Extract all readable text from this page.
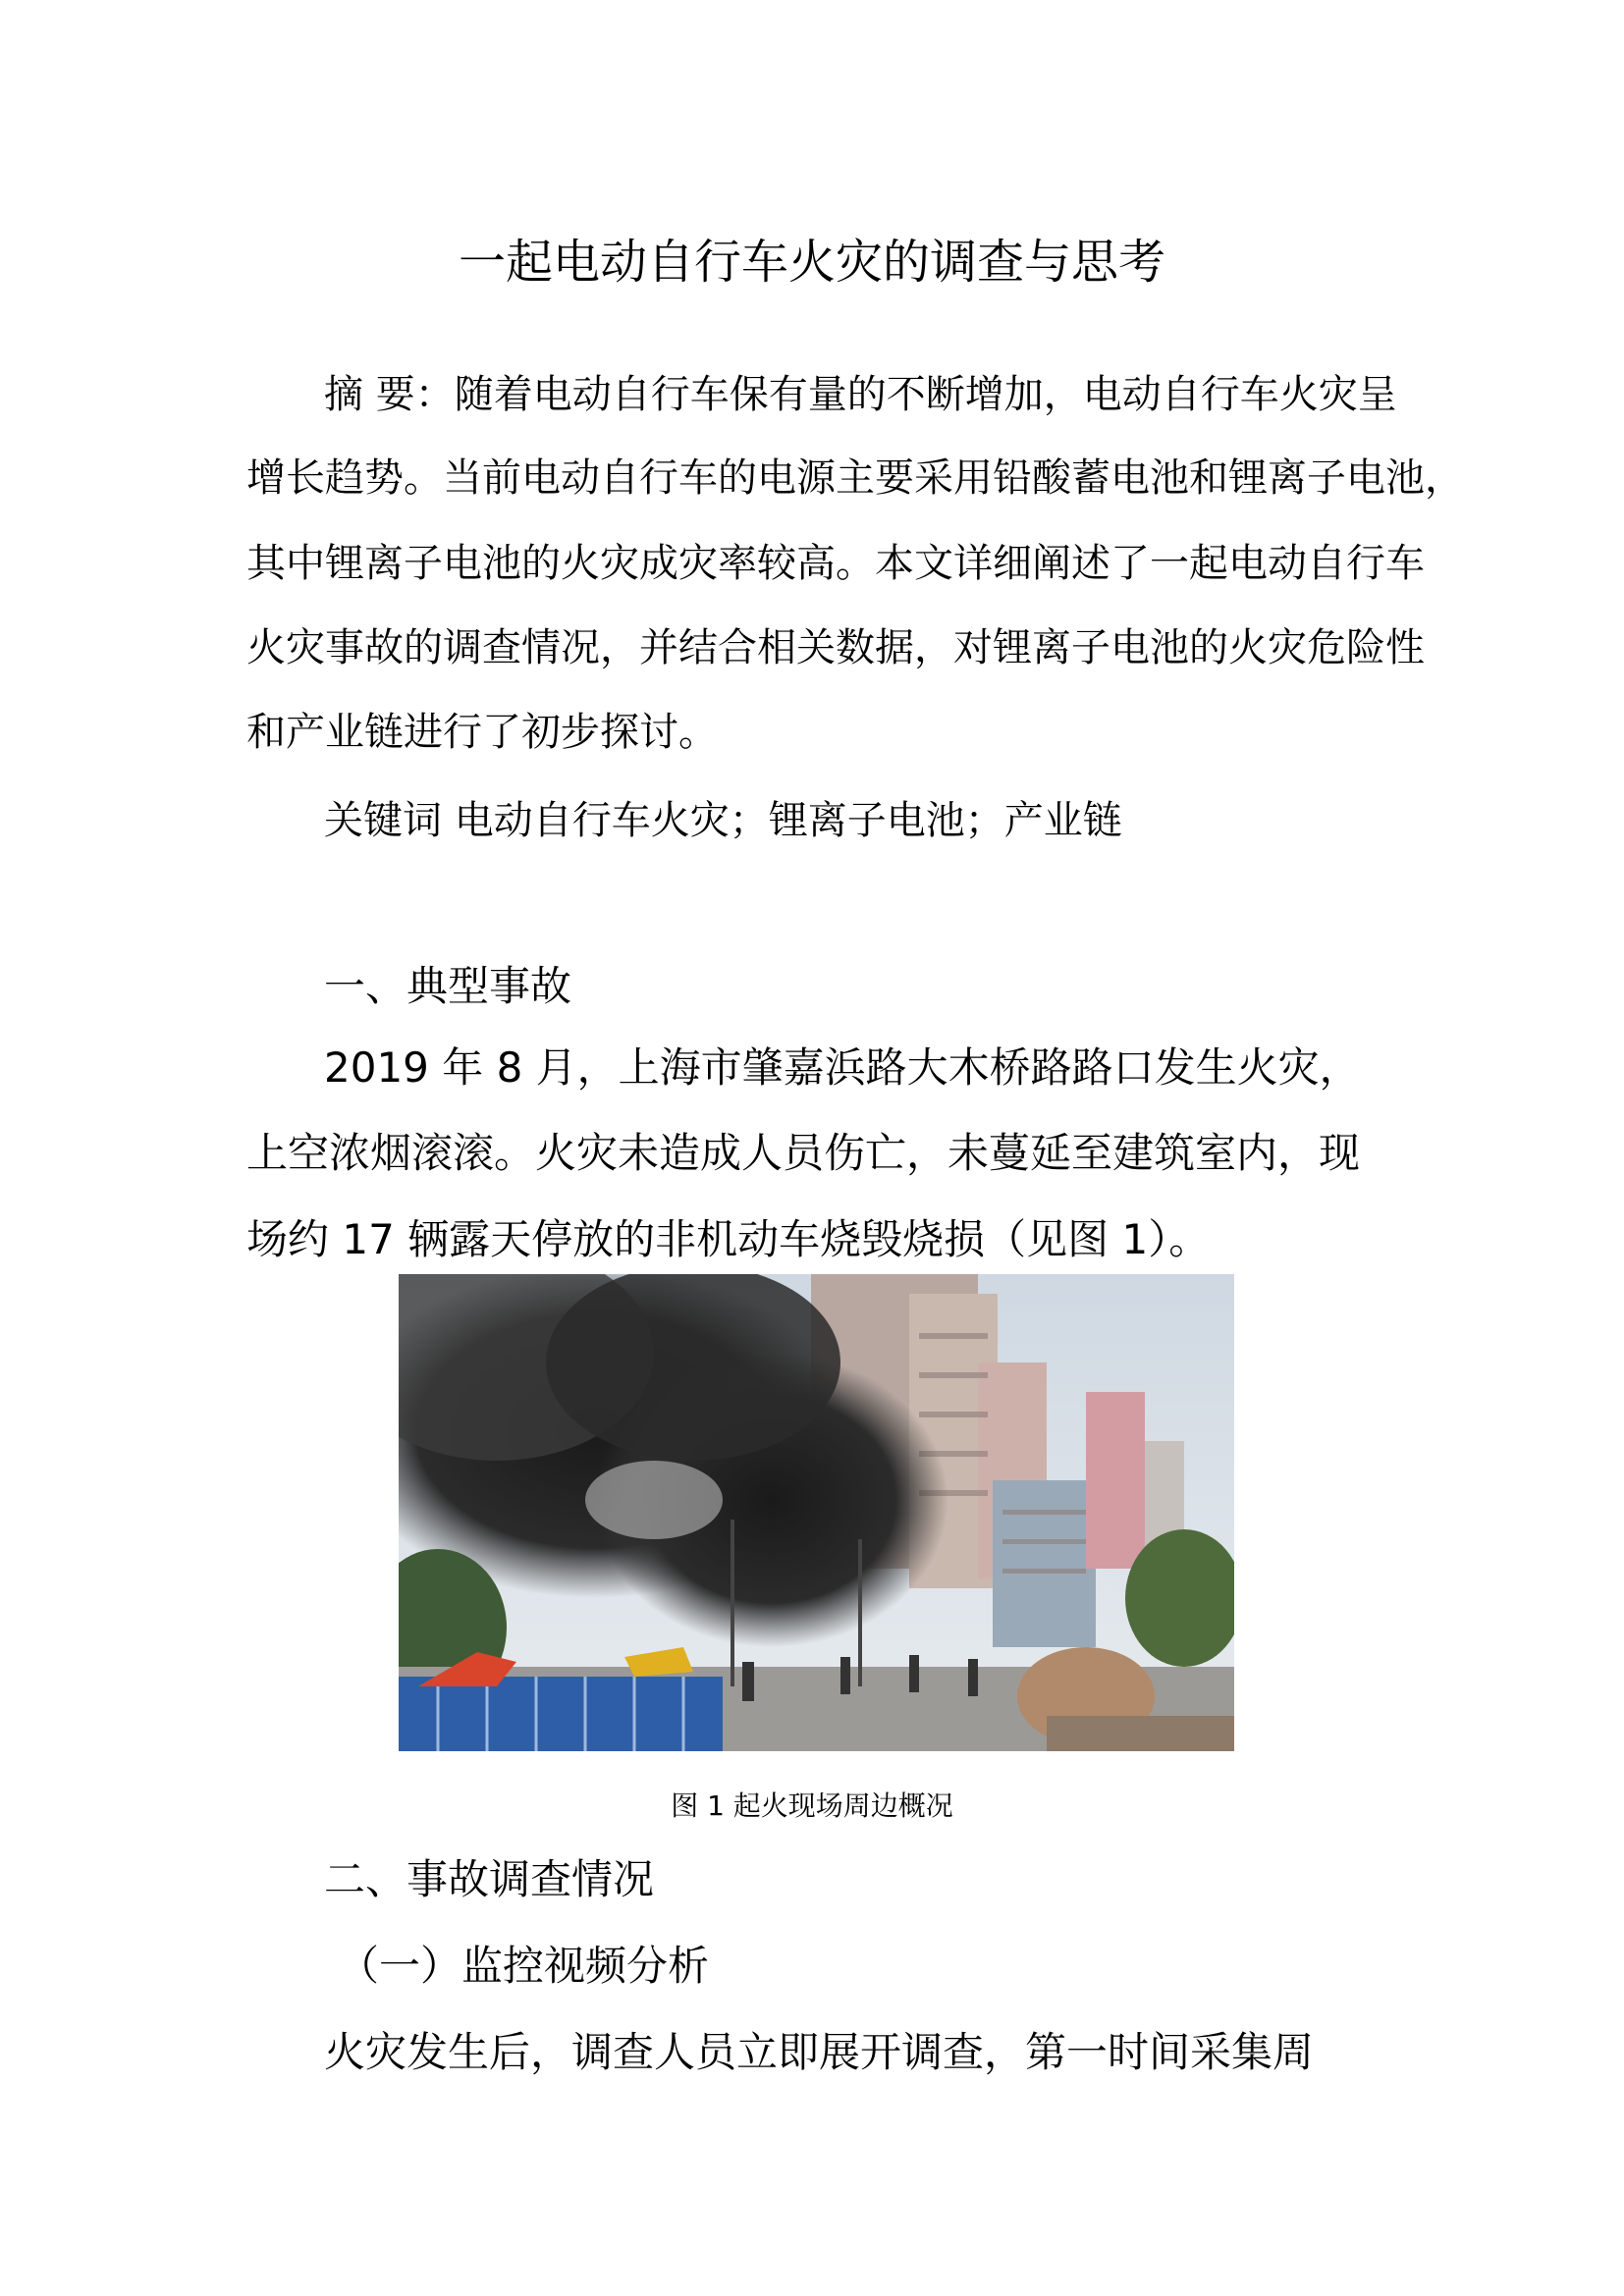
一起电动自行车火灾的调查与思考
摘 要：随着电动自行车保有量的不断增加，电动自行车火灾呈
增长趋势。当前电动自行车的电源主要采用铅酸蓄电池和锂离子电池，
其中锂离子电池的火灾成灾率较高。本文详细阐述了一起电动自行车
火灾事故的调查情况，并结合相关数据，对锂离子电池的火灾危险性
和产业链进行了初步探讨。
关键词 电动自行车火灾；锂离子电池；产业链
一、典型事故
2019 年 8 月，上海市肇嘉浜路大木桥路路口发生火灾，
上空浓烟滚滚。火灾未造成人员伤亡，未蔓延至建筑室内，现
场约 17 辆露天停放的非机动车烧毁烧损（见图 1）。
图 1 起火现场周边概况
二、事故调查情况
（一）监控视频分析
火灾发生后，调查人员立即展开调查，第一时间采集周
